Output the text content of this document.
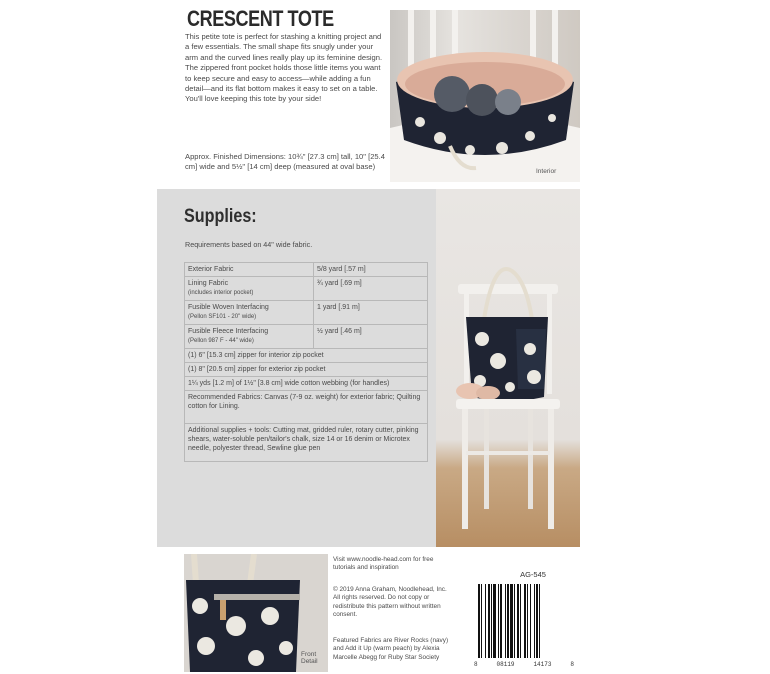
CRESCENT TOTE
This petite tote is perfect for stashing a knitting project and a few essentials. The small shape fits snugly under your arm and the curved lines really play up its feminine design. The zippered front pocket holds those little items you want to keep secure and easy to access—while adding a fun detail—and its flat bottom makes it easy to set on a table. You'll love keeping this tote by your side!
Approx. Finished Dimensions: 10¾" [27.3 cm] tall, 10" [25.4 cm] wide and 5½" [14 cm] deep (measured at oval base)
Interior
Supplies:
Requirements based on 44" wide fabric.
Exterior Fabric	5/8 yard [.57 m]
Lining Fabric
(includes interior pocket)	¾ yard [.69 m]
Fusible Woven Interfacing
(Pellon SF101 - 20" wide)	1 yard [.91 m]
Fusible Fleece Interfacing
(Pellon 987 F - 44" wide)	½ yard [.46 m]
(1) 6" [15.3 cm] zipper for interior zip pocket	
(1) 8" [20.5 cm] zipper for exterior zip pocket	
1¼ yds [1.2 m] of 1½" [3.8 cm] wide cotton webbing (for handles)	
Recommended Fabrics: Canvas (7-9 oz. weight) for exterior fabric; Quilting cotton for Lining.	
Additional supplies + tools: Cutting mat, gridded ruler, rotary cutter, pinking shears, water-soluble pen/tailor's chalk, size 14 or 16 denim or Microtex needle, polyester thread, Sewline glue pen	
Front Detail
Visit www.noodle-head.com for free tutorials and inspiration
© 2019 Anna Graham, Noodlehead, Inc. All rights reserved. Do not copy or redistribute this pattern without written consent.
Featured Fabrics are River Rocks (navy) and Add it Up (warm peach) by Alexia Marcelle Abegg for Ruby Star Society
AG-545
8	08119	14173	8
